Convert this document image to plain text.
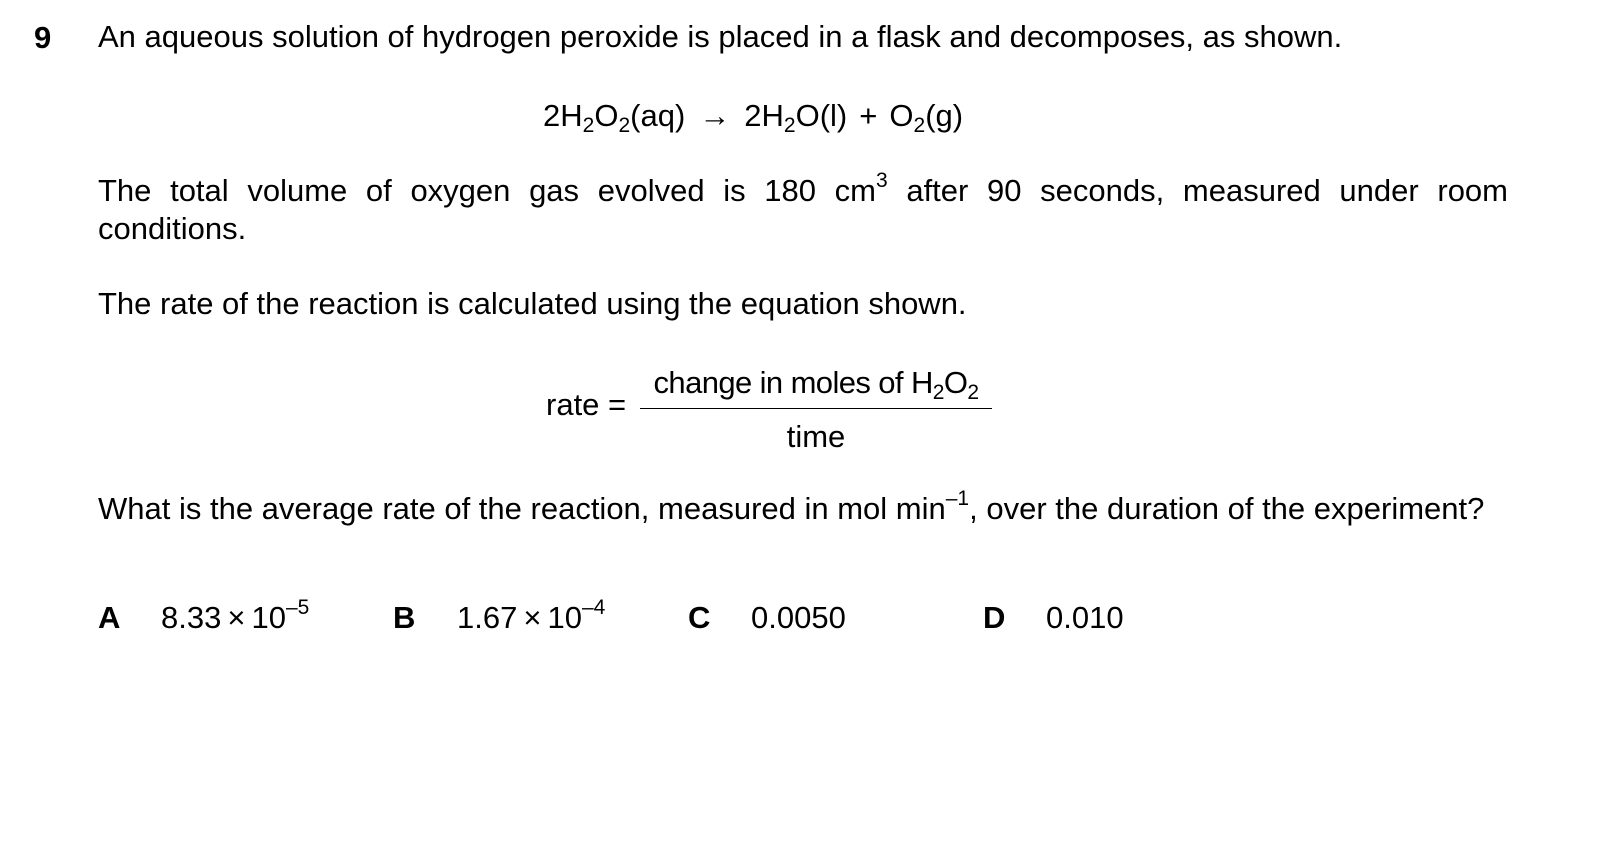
9 An aqueous solution of hydrogen peroxide is placed in a flask and decomposes, as shown.
$2H_2O_2(aq) \to 2H_2O(l) + O_2(g)$
The total volume of oxygen gas evolved is 180 $cm^3$ after 90 seconds, measured under room conditions.
The rate of the reaction is calculated using the equation shown.
rate =
change in moles of $H_2O_2$
time
What is the average rate of the reaction, measured in mol $\min^{-1}$, over the duration of the experiment?
A $8.33 \times 10^{-5}$	B $1.67 \times 10^{-4}$	C 0.0050	D 0.010
